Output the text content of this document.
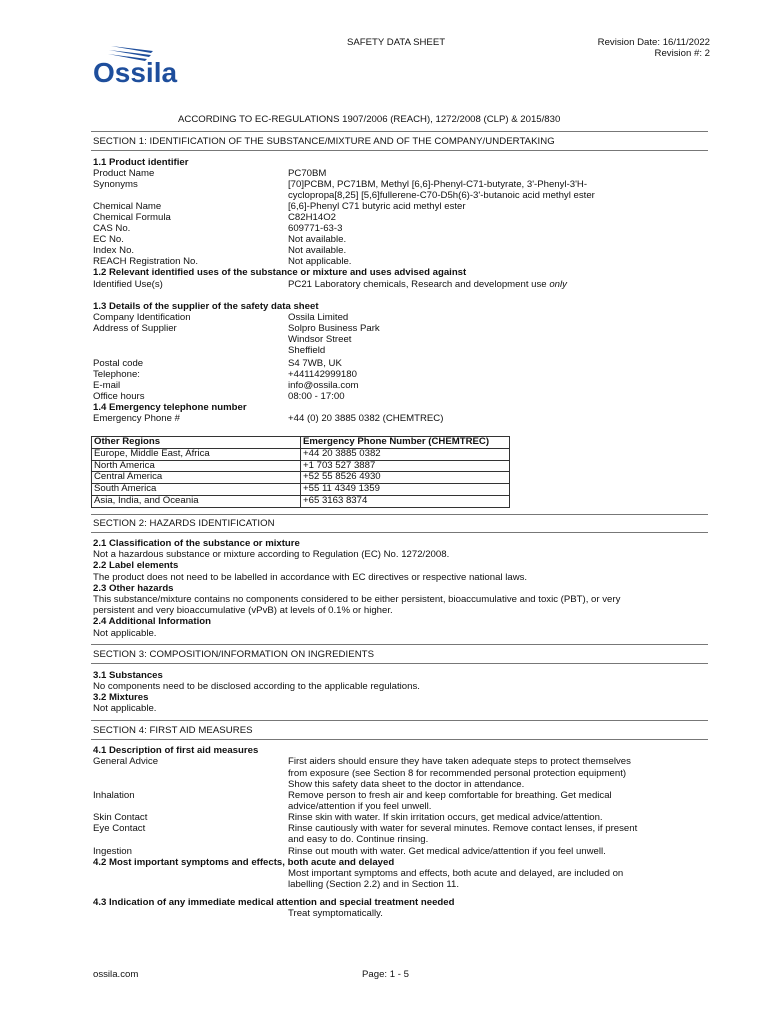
Ossila
SAFETY DATA SHEET	Revision Date: 16/11/2022
Revision #: 2
ACCORDING TO EC-REGULATIONS 1907/2006 (REACH), 1272/2008 (CLP) & 2015/830
SECTION 1: IDENTIFICATION OF THE SUBSTANCE/MIXTURE AND OF THE COMPANY/UNDERTAKING
1.1 Product identifier
Product Name	PC70BM
Synonyms	[70]PCBM, PC71BM, Methyl [6,6]-Phenyl-C71-butyrate, 3'-Phenyl-3'H-
cyclopropa[8,25] [5,6]fullerene-C70-D5h(6)-3'-butanoic acid methyl ester
Chemical Name	[6,6]-Phenyl C71 butyric acid methyl ester
Chemical Formula	C82H14O2
CAS No.	609771-63-3
EC No.	Not available.
Index No.	Not available.
REACH Registration No.	Not applicable.
1.2 Relevant identified uses of the substance or mixture and uses advised against
Identified Use(s)	PC21 Laboratory chemicals, Research and development use only
1.3 Details of the supplier of the safety data sheet
Company Identification	Ossila Limited
Address of Supplier	Solpro Business Park
Windsor Street
Sheffield
Postal code	S4 7WB, UK
Telephone:	+441142999180
E-mail	info@ossila.com
Office hours	08:00 - 17:00
1.4 Emergency telephone number
Emergency Phone #	+44 (0) 20 3885 0382 (CHEMTREC)
Other Regions	Emergency Phone Number (CHEMTREC)
Europe, Middle East, Africa	+44 20 3885 0382
North America	+1 703 527 3887
Central America	+52 55 8526 4930
South America	+55 11 4349 1359
Asia, India, and Oceania	+65 3163 8374
SECTION 2: HAZARDS IDENTIFICATION
2.1 Classification of the substance or mixture
Not a hazardous substance or mixture according to Regulation (EC) No. 1272/2008.
2.2 Label elements
The product does not need to be labelled in accordance with EC directives or respective national laws.
2.3 Other hazards
This substance/mixture contains no components considered to be either persistent, bioaccumulative and toxic (PBT), or very
persistent and very bioaccumulative (vPvB) at levels of 0.1% or higher.
2.4 Additional Information
Not applicable.
SECTION 3: COMPOSITION/INFORMATION ON INGREDIENTS
3.1 Substances
No components need to be disclosed according to the applicable regulations.
3.2 Mixtures
Not applicable.
SECTION 4: FIRST AID MEASURES
4.1 Description of first aid measures
General Advice	First aiders should ensure they have taken adequate steps to protect themselves
from exposure (see Section 8 for recommended personal protection equipment)
Show this safety data sheet to the doctor in attendance.
Inhalation	Remove person to fresh air and keep comfortable for breathing. Get medical
advice/attention if you feel unwell.
Skin Contact	Rinse skin with water. If skin irritation occurs, get medical advice/attention.
Eye Contact	Rinse cautiously with water for several minutes. Remove contact lenses, if present
and easy to do. Continue rinsing.
Ingestion	Rinse out mouth with water. Get medical advice/attention if you feel unwell.
4.2 Most important symptoms and effects, both acute and delayed
Most important symptoms and effects, both acute and delayed, are included on
labelling (Section 2.2) and in Section 11.
4.3 Indication of any immediate medical attention and special treatment needed
Treat symptomatically.
ossila.com	Page: 1 - 5
